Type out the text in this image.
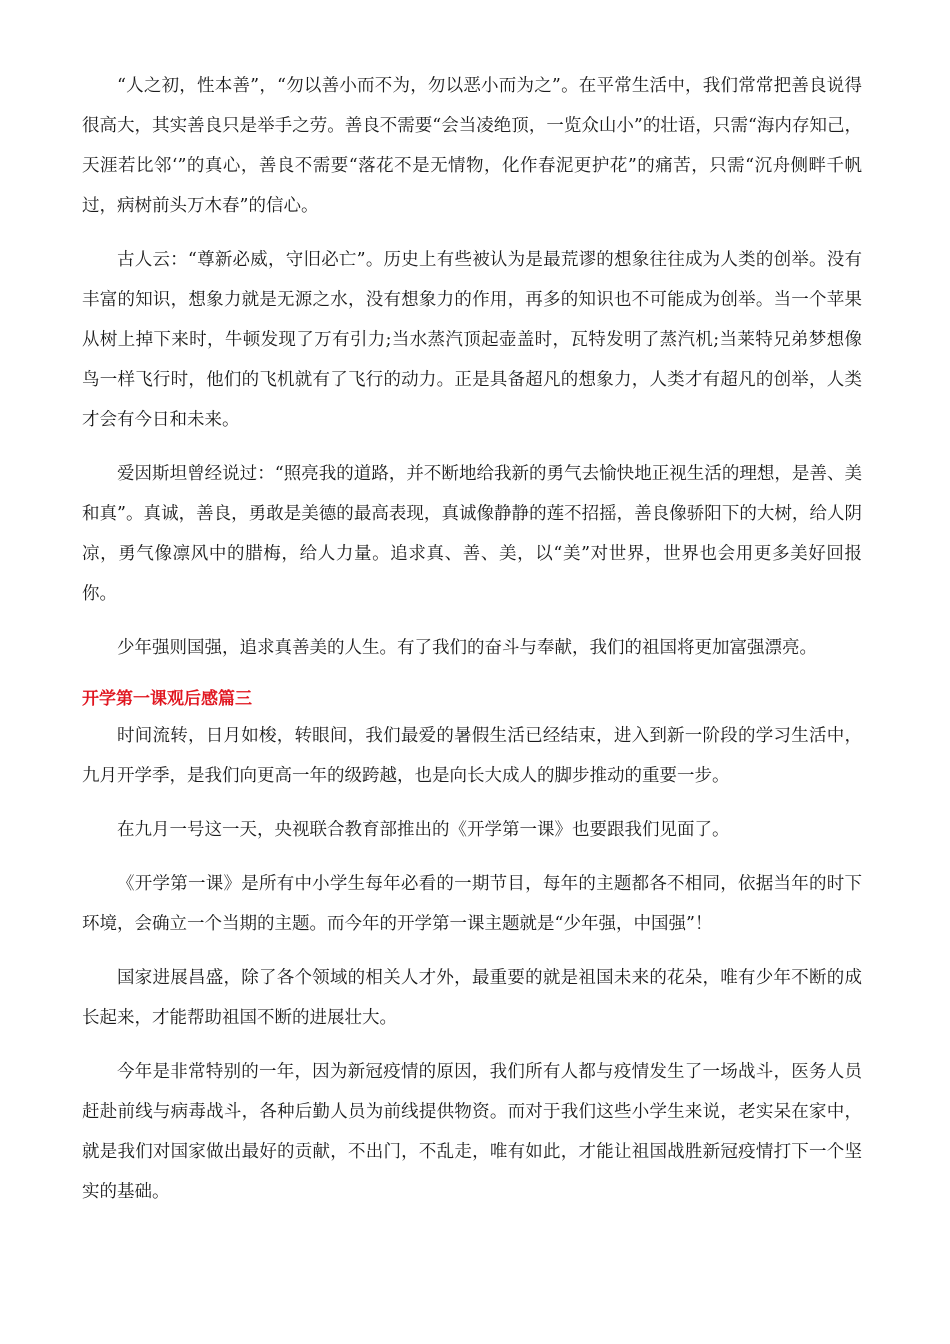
“人之初，性本善”，“勿以善小而不为，勿以恶小而为之”。在平常生活中，我们常常把善良说得很高大，其实善良只是举手之劳。善良不需要“会当凌绝顶，一览众山小”的壮语，只需“海内存知己，天涯若比邻‘”的真心，善良不需要“落花不是无情物，化作春泥更护花”的痛苦，只需“沉舟侧畔千帆过，病树前头万木春”的信心。

古人云：“尊新必威，守旧必亡”。历史上有些被认为是最荒谬的想象往往成为人类的创举。没有丰富的知识，想象力就是无源之水，没有想象力的作用，再多的知识也不可能成为创举。当一个苹果从树上掉下来时，牛顿发现了万有引力;当水蒸汽顶起壶盖时，瓦特发明了蒸汽机;当莱特兄弟梦想像鸟一样飞行时，他们的飞机就有了飞行的动力。正是具备超凡的想象力，人类才有超凡的创举，人类才会有今日和未来。

爱因斯坦曾经说过：“照亮我的道路，并不断地给我新的勇气去愉快地正视生活的理想，是善、美和真”。真诚，善良，勇敢是美德的最高表现，真诚像静静的莲不招摇，善良像骄阳下的大树，给人阴凉，勇气像凛风中的腊梅，给人力量。追求真、善、美，以“美”对世界，世界也会用更多美好回报你。

少年强则国强，追求真善美的人生。有了我们的奋斗与奉献，我们的祖国将更加富强漂亮。

开学第一课观后感篇三

时间流转，日月如梭，转眼间，我们最爱的暑假生活已经结束，进入到新一阶段的学习生活中，九月开学季，是我们向更高一年的级跨越，也是向长大成人的脚步推动的重要一步。

在九月一号这一天，央视联合教育部推出的《开学第一课》也要跟我们见面了。

《开学第一课》是所有中小学生每年必看的一期节目，每年的主题都各不相同，依据当年的时下环境，会确立一个当期的主题。而今年的开学第一课主题就是“少年强，中国强”！

国家进展昌盛，除了各个领域的相关人才外，最重要的就是祖国未来的花朵，唯有少年不断的成长起来，才能帮助祖国不断的进展壮大。

今年是非常特别的一年，因为新冠疫情的原因，我们所有人都与疫情发生了一场战斗，医务人员赶赴前线与病毒战斗，各种后勤人员为前线提供物资。而对于我们这些小学生来说，老实呆在家中，就是我们对国家做出最好的贡献，不出门，不乱走，唯有如此，才能让祖国战胜新冠疫情打下一个坚实的基础。
